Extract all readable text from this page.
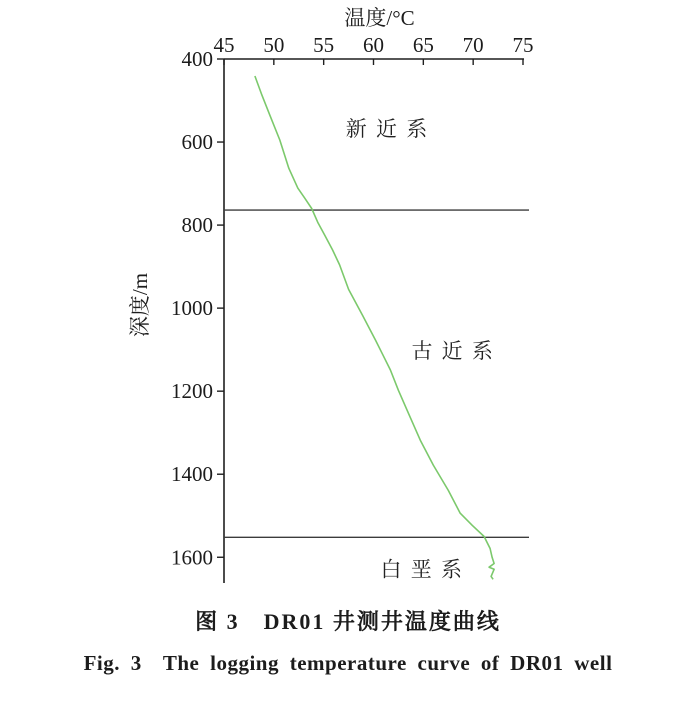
45 50 55 60 65 70 75
400
600
800
1000
1200
1400
1600
温度/°C
深度/m
新 近 系
古 近 系
白 垩 系
图 3　DR01 井测井温度曲线
Fig. 3  The logging temperature curve of DR01 well
